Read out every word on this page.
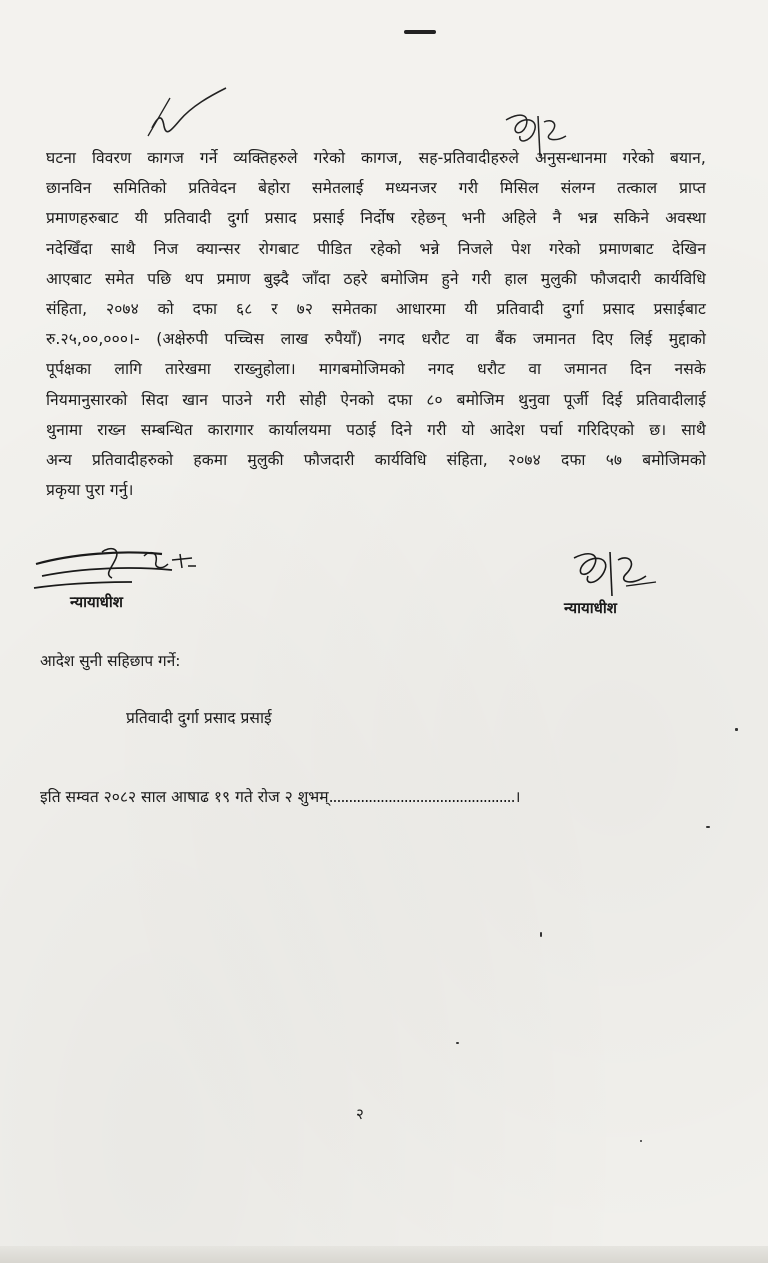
घटना विवरण कागज गर्ने व्यक्तिहरुले गरेको कागज, सह-प्रतिवादीहरुले अनुसन्धानमा गरेको बयान,
छानविन समितिको प्रतिवेदन बेहोरा समेतलाई मध्यनजर गरी मिसिल संलग्न तत्काल प्राप्त
प्रमाणहरुबाट यी प्रतिवादी दुर्गा प्रसाद प्रसाई निर्दोष रहेछन् भनी अहिले नै भन्न सकिने अवस्था
नदेखिँदा साथै निज क्यान्सर रोगबाट पीडित रहेको भन्ने निजले पेश गरेको प्रमाणबाट देखिन
आएबाट समेत पछि थप प्रमाण बुझ्दै जाँदा ठहरे बमोजिम हुने गरी हाल मुलुकी फौजदारी कार्यविधि
संहिता, २०७४ को दफा ६८ र ७२ समेतका आधारमा यी प्रतिवादी दुर्गा प्रसाद प्रसाईबाट
रु.२५,००,०००।- (अक्षेरुपी पच्चिस लाख रुपैयाँ) नगद धरौट वा बैंक जमानत दिए लिई मुद्दाको
पूर्पक्षका लागि तारेखमा राख्नुहोला। मागबमोजिमको नगद धरौट वा जमानत दिन नसके
नियमानुसारको सिदा खान पाउने गरी सोही ऐनको दफा ८० बमोजिम थुनुवा पूर्जी दिई प्रतिवादीलाई
थुनामा राख्न सम्बन्धित कारागार कार्यालयमा पठाई दिने गरी यो आदेश पर्चा गरिदिएको छ। साथै
अन्य प्रतिवादीहरुको हकमा मुलुकी फौजदारी कार्यविधि संहिता, २०७४ दफा ५७ बमोजिमको
प्रकृया पुरा गर्नु।
न्यायाधीश	न्यायाधीश
आदेश सुनी सहिछाप गर्ने:
प्रतिवादी दुर्गा प्रसाद प्रसाई
इति सम्वत २०८२ साल आषाढ १९ गते रोज २ शुभम्...............................................।
२
